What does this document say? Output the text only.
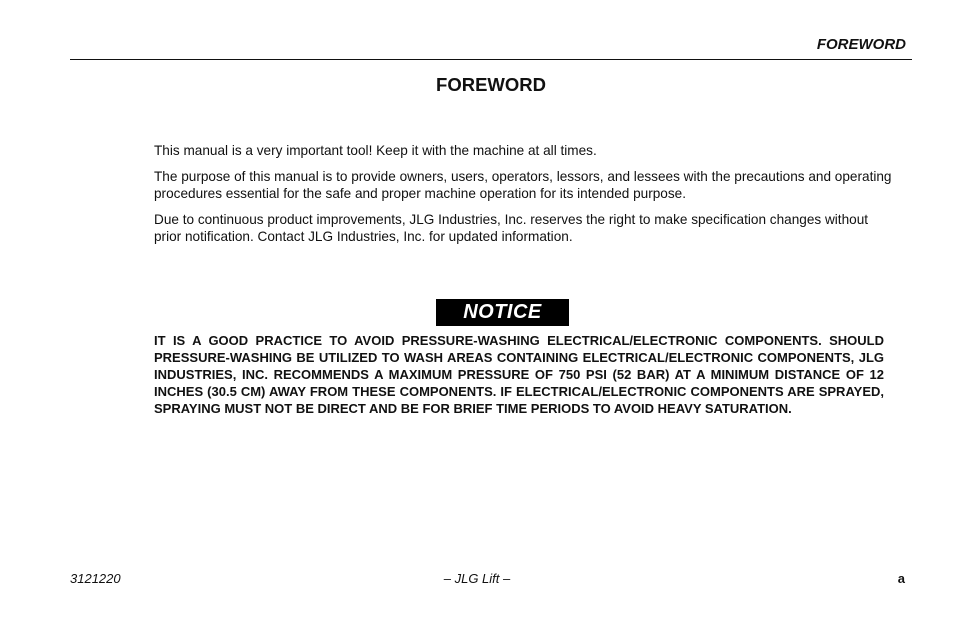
FOREWORD
FOREWORD

This manual is a very important tool! Keep it with the machine at all times.

The purpose of this manual is to provide owners, users, operators, lessors, and lessees with the precautions and operating procedures essential for the safe and proper machine operation for its intended purpose.

Due to continuous product improvements, JLG Industries, Inc. reserves the right to make specification changes without prior notification. Contact JLG Industries, Inc. for updated information.

NOTICE

IT IS A GOOD PRACTICE TO AVOID PRESSURE-WASHING ELECTRICAL/ELECTRONIC COMPONENTS. SHOULD PRESSURE-WASHING BE UTILIZED TO WASH AREAS CONTAINING ELECTRICAL/ELECTRONIC COMPONENTS, JLG INDUSTRIES, INC. RECOMMENDS A MAXIMUM PRESSURE OF 750 PSI (52 BAR) AT A MINIMUM DISTANCE OF 12 INCHES (30.5 CM) AWAY FROM THESE COMPONENTS. IF ELECTRICAL/ELECTRONIC COMPONENTS ARE SPRAYED, SPRAYING MUST NOT BE DIRECT AND BE FOR BRIEF TIME PERIODS TO AVOID HEAVY SATURATION.

– JLG Lift –
3121220	a
